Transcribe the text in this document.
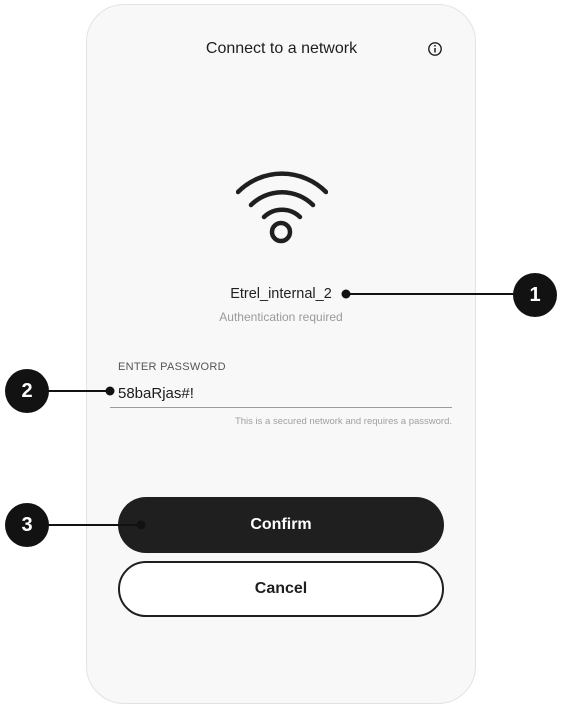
Connect to a network
Etrel_internal_2
Authentication required
ENTER PASSWORD
58baRjas#!
This is a secured network and requires a password.
Confirm
Cancel
1
2
3
